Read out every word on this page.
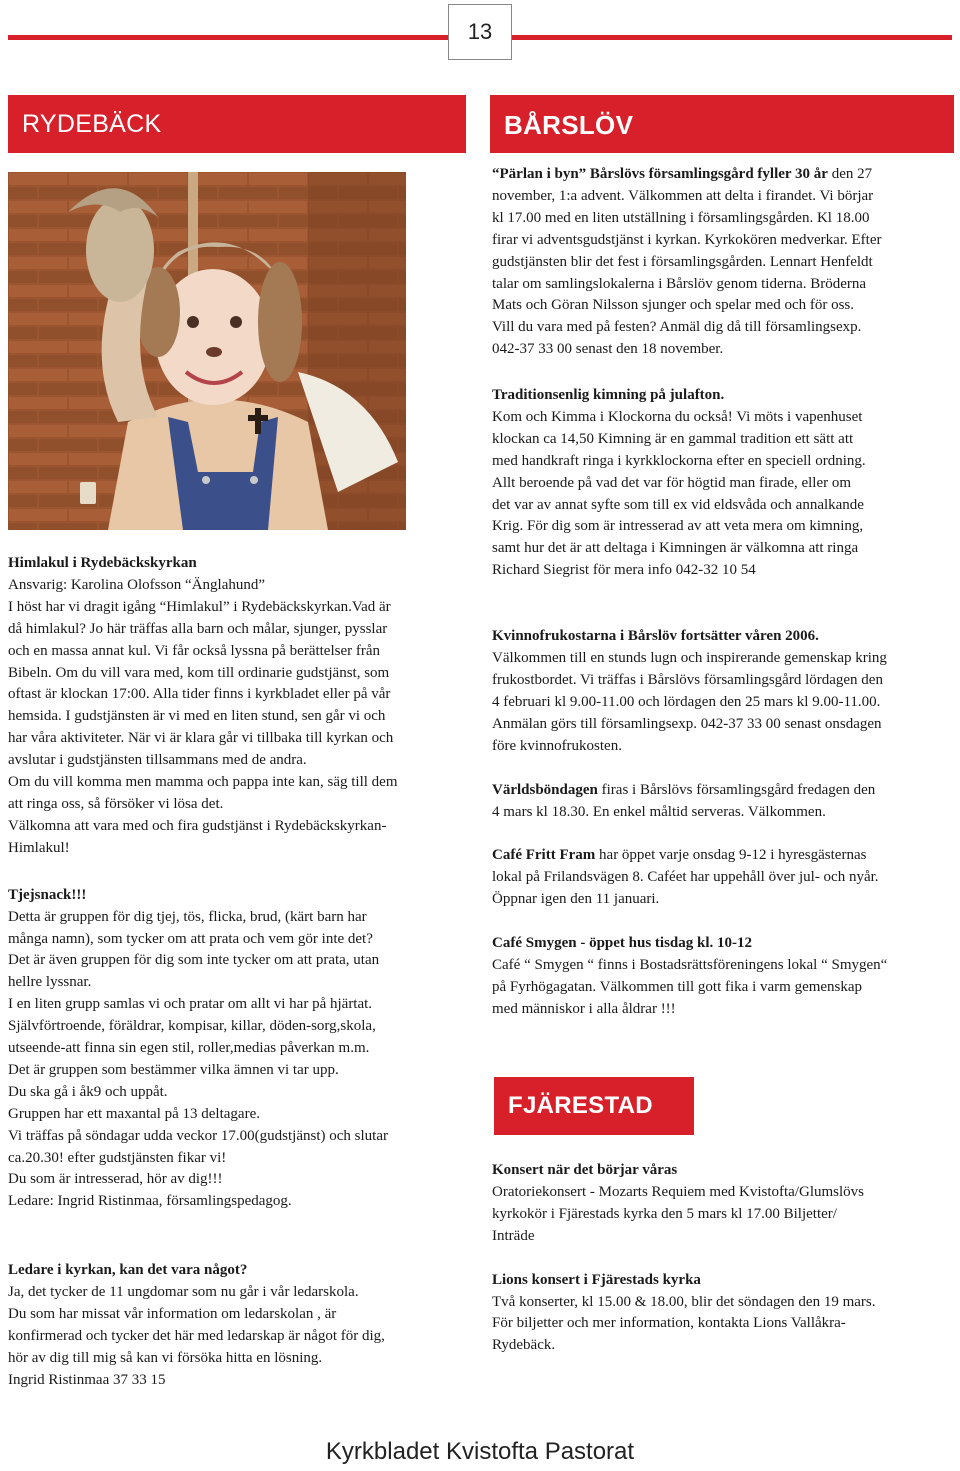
13
RYDEBÄCK	BÅRSLÖV

Himlakul i Rydebäckskyrkan

Ansvarig: Karolina Olofsson “Änglahund”

I höst har vi dragit igång “Himlakul” i Rydebäckskyrkan.Vad är

då himlakul? Jo här träffas alla barn och målar, sjunger, pysslar

och en massa annat kul. Vi får också lyssna på berättelser från

Bibeln. Om du vill vara med, kom till ordinarie gudstjänst, som

oftast är klockan 17:00. Alla tider finns i kyrkbladet eller på vår

hemsida. I gudstjänsten är vi med en liten stund, sen går vi och

har våra aktiviteter. När vi är klara går vi tillbaka till kyrkan och

avslutar i gudstjänsten tillsammans med de andra.

Om du vill komma men mamma och pappa inte kan, säg till dem

att ringa oss, så försöker vi lösa det.

Välkomna att vara med och fira gudstjänst i Rydebäckskyrkan-

Himlakul!

Tjejsnack!!!

Detta är gruppen för dig tjej, tös, flicka, brud, (kärt barn har

många namn), som tycker om att prata och vem gör inte det?

Det är även gruppen för dig som inte tycker om att prata, utan

hellre lyssnar.

I en liten grupp samlas vi och pratar om allt vi har på hjärtat.

Självförtroende, föräldrar, kompisar, killar, döden-sorg,skola,

utseende-att finna sin egen stil, roller,medias påverkan m.m.

Det är gruppen som bestämmer vilka ämnen vi tar upp.

Du ska gå i åk9 och uppåt.

Gruppen har ett maxantal på 13 deltagare.

Vi träffas på söndagar udda veckor 17.00(gudstjänst) och slutar

ca.20.30! efter gudstjänsten fikar vi!

Du som är intresserad, hör av dig!!!

Ledare: Ingrid Ristinmaa, församlingspedagog.

Ledare i kyrkan, kan det vara något?

Ja, det tycker de 11 ungdomar som nu går i vår ledarskola.

Du som har missat vår information om ledarskolan , är

konfirmerad och tycker det här med ledarskap är något för dig,

hör av dig till mig så kan vi försöka hitta en lösning.

Ingrid Ristinmaa 37 33 15

“Pärlan i byn” Bårslövs församlingsgård fyller 30 år den 27

november, 1:a advent. Välkommen att delta i firandet. Vi börjar

kl 17.00 med en liten utställning i församlingsgården. Kl 18.00

firar vi adventsgudstjänst i kyrkan. Kyrkokören medverkar. Efter

gudstjänsten blir det fest i församlingsgården. Lennart Henfeldt

talar om samlingslokalerna i Bårslöv genom tiderna. Bröderna

Mats och Göran Nilsson sjunger och spelar med och för oss.

Vill du vara med på festen? Anmäl dig då till församlingsexp.

042-37 33 00 senast den 18 november.

Traditionsenlig kimning på julafton.

Kom och Kimma i Klockorna du också! Vi möts i vapenhuset

klockan ca 14,50 Kimning är en gammal tradition ett sätt att

med handkraft ringa i kyrkklockorna efter en speciell ordning.

Allt beroende på vad det var för högtid man firade, eller om

det var av annat syfte som till ex vid eldsvåda och annalkande

Krig. För dig som är intresserad av att veta mera om kimning,

samt hur det är att deltaga i Kimningen är välkomna att ringa

Richard Siegrist för mera info 042-32 10 54

Kvinnofrukostarna i Bårslöv fortsätter våren 2006.

Välkommen till en stunds lugn och inspirerande gemenskap kring

frukostbordet. Vi träffas i Bårslövs församlingsgård lördagen den

4 februari kl 9.00-11.00 och lördagen den 25 mars kl 9.00-11.00.

Anmälan görs till församlingsexp. 042-37 33 00 senast onsdagen

före kvinnofrukosten.

Världsböndagen firas i Bårslövs församlingsgård fredagen den

4 mars kl 18.30. En enkel måltid serveras. Välkommen.

Café Fritt Fram har öppet varje onsdag 9-12 i hyresgästernas

lokal på Frilandsvägen 8. Caféet har uppehåll över jul- och nyår.

Öppnar igen den 11 januari.

Café Smygen - öppet hus tisdag kl. 10-12

Café “ Smygen “ finns i Bostadsrättsföreningens lokal “ Smygen“

på Fyrhögagatan. Välkommen till gott fika i varm gemenskap

med människor i alla åldrar !!!

FJÄRESTAD

Konsert när det börjar våras

Oratoriekonsert - Mozarts Requiem med Kvistofta/Glumslövs

kyrkokör i Fjärestads kyrka den 5 mars kl 17.00 Biljetter/

Inträde

Lions konsert i Fjärestads kyrka

Två konserter, kl 15.00 & 18.00, blir det söndagen den 19 mars.

För biljetter och mer information, kontakta Lions Vallåkra-

Rydebäck.

Kyrkbladet Kvistofta Pastorat
